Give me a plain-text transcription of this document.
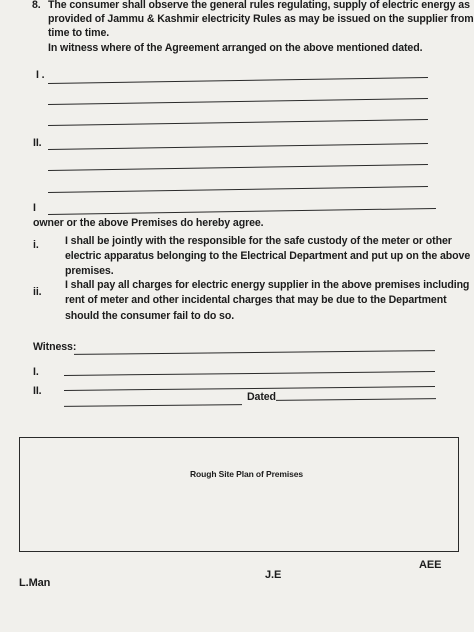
8. The consumer shall observe the general rules regulating, supply of electric energy as
provided of Jammu & Kashmir electricity Rules as may be issued on the supplier from
time to time.
In witness where of the Agreement arranged on the above mentioned dated.
I .
II.
I
owner or the above Premises do hereby agree.
i. I shall be jointly with the responsible for the safe custody of the meter or other
electric apparatus belonging to the Electrical Department and put up on the above
premises.
ii.
I shall pay all charges for electric energy supplier in the above premises including
rent of meter and other incidental charges that may be due to the Department
should the consumer fail to do so.
Witness:
I.
II.	Dated
Rough Site Plan of Premises
AEE
J.E
L.Man
